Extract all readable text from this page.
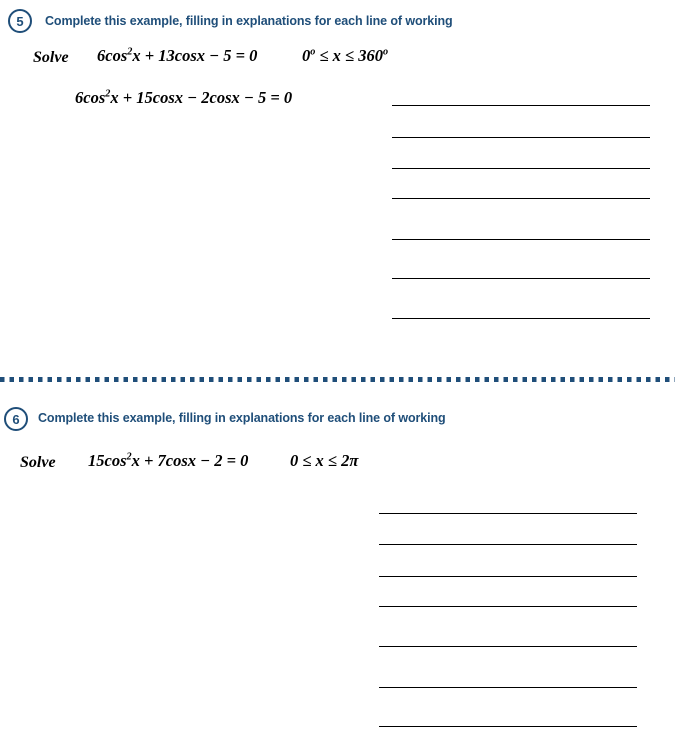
5 Complete this example, filling in explanations for each line of working
Solve $6\cos^2x + 13\cos x - 5 = 0$	$0^o \le x \le 360^o$
$6\cos^2x + 15\cos x - 2\cos x - 5 = 0$
6 Complete this example, filling in explanations for each line of working
Solve $15\cos^2x + 7\cos x - 2 = 0$	0 ≤ x ≤ 2π
